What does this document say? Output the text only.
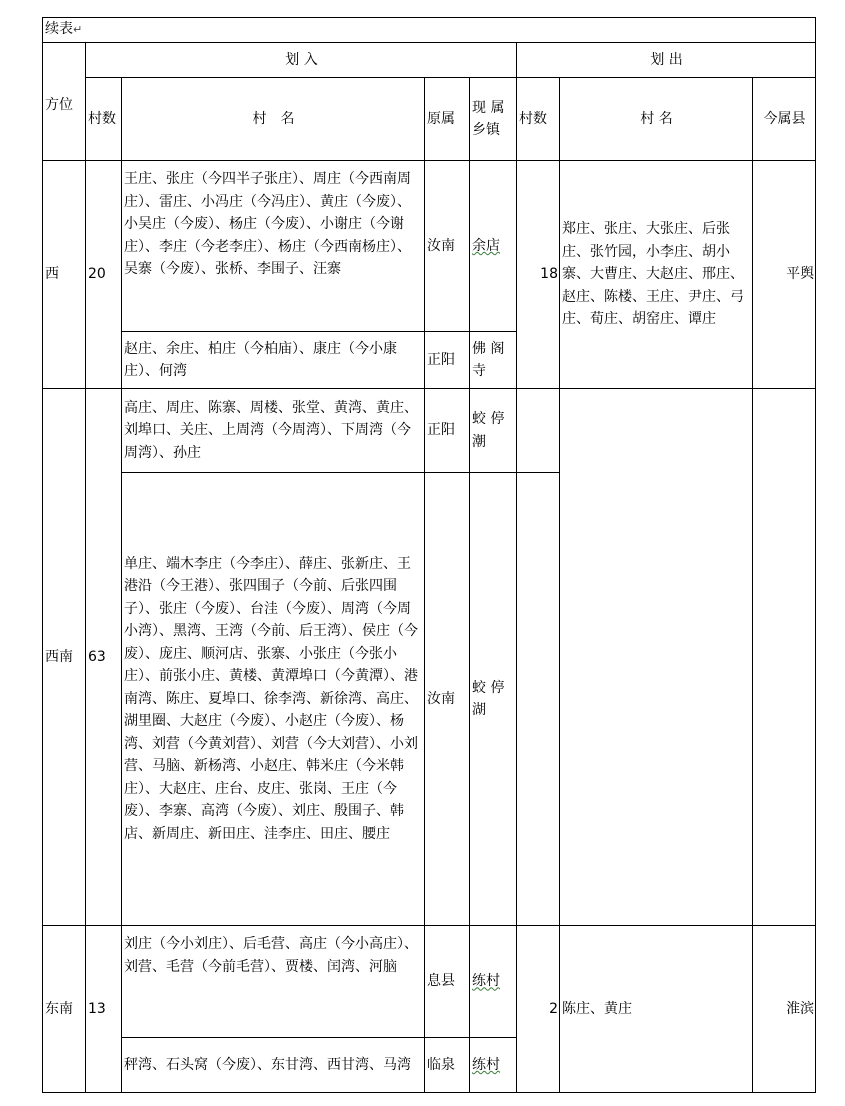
续表↵							
方位	划 入				划 出		
	村数	村　名	原属	现 属乡镇	村数	村 名	今属县
西	20	王庄、张庄（今四半子张庄）、周庄（今西南周庄）、雷庄、小冯庄（今冯庄）、黄庄（今废）、小吴庄（今废）、杨庄（今废）、小谢庄（今谢庄）、李庄（今老李庄）、杨庄（今西南杨庄）、吴寨（今废）、张桥、李围子、汪寨	汝南	余店	18	郑庄、张庄、大张庄、后张庄、张竹园，小李庄、胡小寨、大曹庄、大赵庄、邢庄、赵庄、陈楼、王庄、尹庄、弓庄、荀庄、胡窑庄、谭庄	平舆
		赵庄、余庄、柏庄（今柏庙）、康庄（今小康庄）、何湾	正阳	佛 阁寺			
西南	63	高庄、周庄、陈寨、周楼、张堂、黄湾、黄庄、刘埠口、关庄、上周湾（今周湾）、下周湾（今周湾）、孙庄	正阳	蛟 停潮			
		单庄、端木李庄（今李庄）、薛庄、张新庄、王港沿（今王港）、张四围子（今前、后张四围子）、张庄（今废）、台洼（今废）、周湾（今周小湾）、黑湾、王湾（今前、后王湾）、侯庄（今废）、庞庄、顺河店、张寨、小张庄（今张小庄）、前张小庄、黄楼、黄潭埠口（今黄潭）、港南湾、陈庄、夏埠口、徐李湾、新徐湾、高庄、湖里圈、大赵庄（今废）、小赵庄（今废）、杨湾、刘营（今黄刘营）、刘营（今大刘营）、小刘营、马脑、新杨湾、小赵庄、韩米庄（今米韩庄）、大赵庄、庄台、皮庄、张岗、王庄（今废）、李寨、高湾（今废）、刘庄、殷围子、韩店、新周庄、新田庄、洼李庄、田庄、腰庄	汝南	蛟 停湖			
东南	13	刘庄（今小刘庄）、后毛营、高庄（今小高庄）、刘营、毛营（今前毛营）、贾楼、闰湾、河脑	息县	练村	2	陈庄、黄庄	淮滨
		秤湾、石头窝（今废）、东甘湾、西甘湾、马湾	临泉	练村			
